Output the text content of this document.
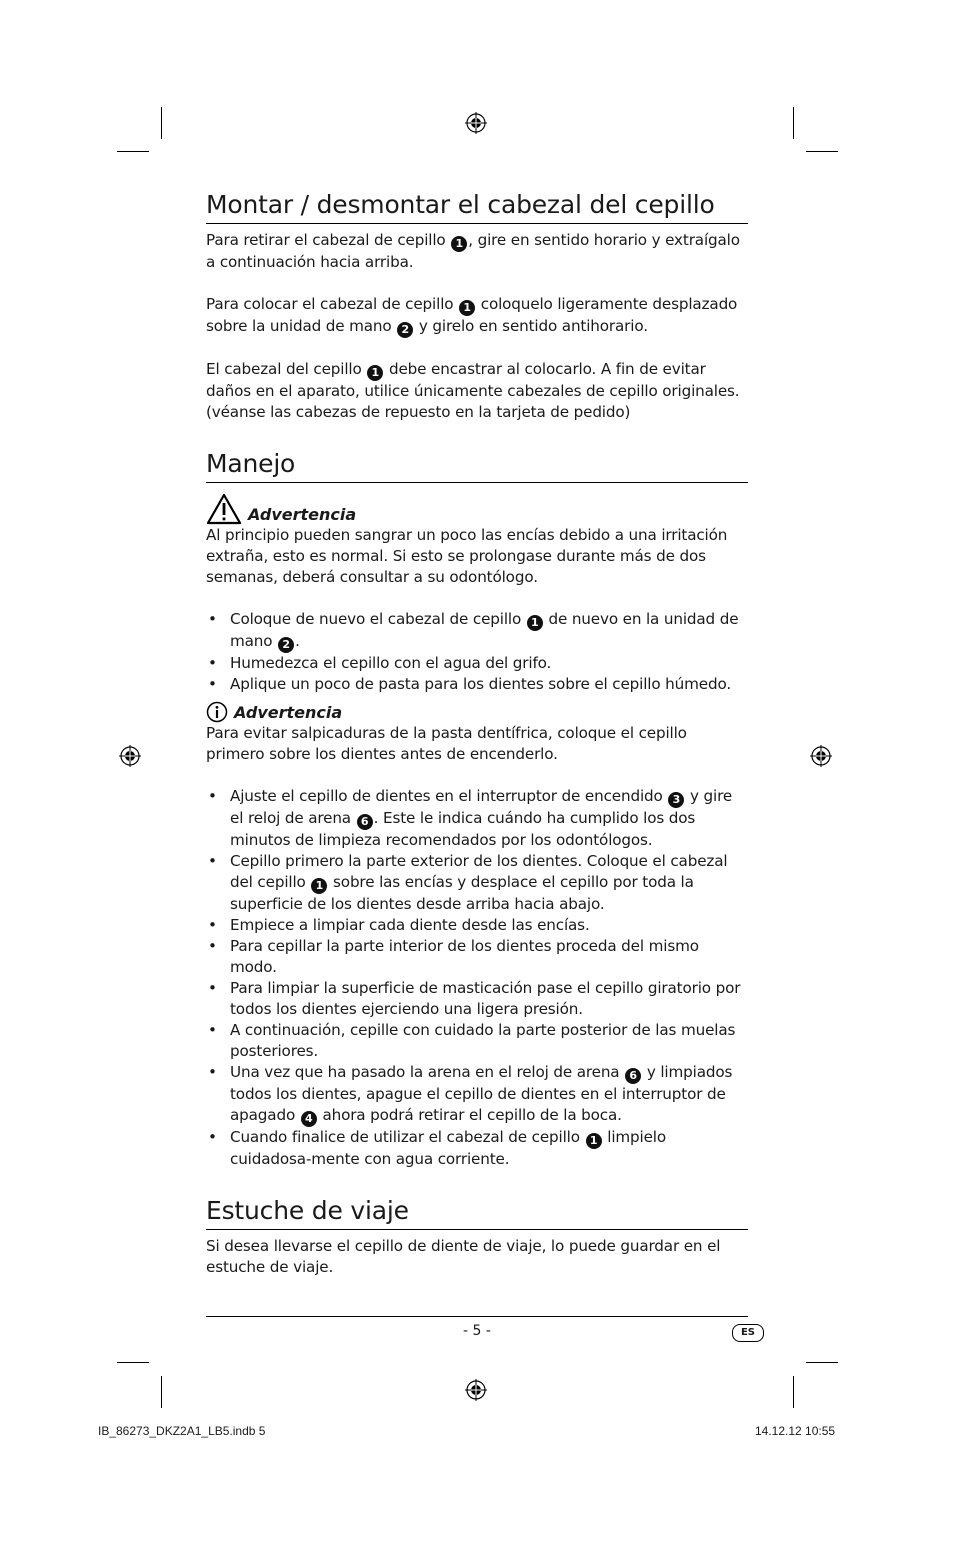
Montar / desmontar el cabezal del cepillo

Para retirar el cabezal de cepillo 1 , gire en sentido horario y extraígalo a continuación hacia arriba.

Para colocar el cabezal de cepillo 1 coloquelo ligeramente desplazado sobre la unidad de mano 2 y girelo en sentido antihorario.

El cabezal del cepillo 1 debe encastrar al colocarlo. A fin de evitar daños en el aparato, utilice únicamente cabezales de cepillo originales. (véanse las cabezas de repuesto en la tarjeta de pedido)

Manejo
Advertencia

Al principio pueden sangrar un poco las encías debido a una irritación extraña, esto es normal. Si esto se prolongase durante más de dos semanas, deberá consultar a su odontólogo.

• Coloque de nuevo el cabezal de cepillo 1 de nuevo en la unidad de mano 2 .
• Humedezca el cepillo con el agua del grifo.
• Aplique un poco de pasta para los dientes sobre el cepillo húmedo.
Advertencia

Para evitar salpicaduras de la pasta dentífrica, coloque el cepillo primero sobre los dientes antes de encenderlo.

• Ajuste el cepillo de dientes en el interruptor de encendido 3 y gire el reloj de arena 6 . Este le indica cuándo ha cumplido los dos minutos de limpieza recomendados por los odontólogos.
• Cepillo primero la parte exterior de los dientes. Coloque el cabezal del cepillo 1 sobre las encías y desplace el cepillo por toda la superficie de los dientes desde arriba hacia abajo.
• Empiece a limpiar cada diente desde las encías.
• Para cepillar la parte interior de los dientes proceda del mismo modo.
• Para limpiar la superficie de masticación pase el cepillo giratorio por todos los dientes ejerciendo una ligera presión.
• A continuación, cepille con cuidado la parte posterior de las muelas posteriores.
• Una vez que ha pasado la arena en el reloj de arena 6 y limpiados todos los dientes, apague el cepillo de dientes en el interruptor de apagado 4 ahora podrá retirar el cepillo de la boca.
• Cuando finalice de utilizar el cabezal de cepillo 1 limpielo cuidadosa-mente con agua corriente.
Estuche de viaje

Si desea llevarse el cepillo de diente de viaje, lo puede guardar en el estuche de viaje.

- 5 -	ES
IB_86273_DKZ2A1_LB5.indb 5	14.12.12 10:55
